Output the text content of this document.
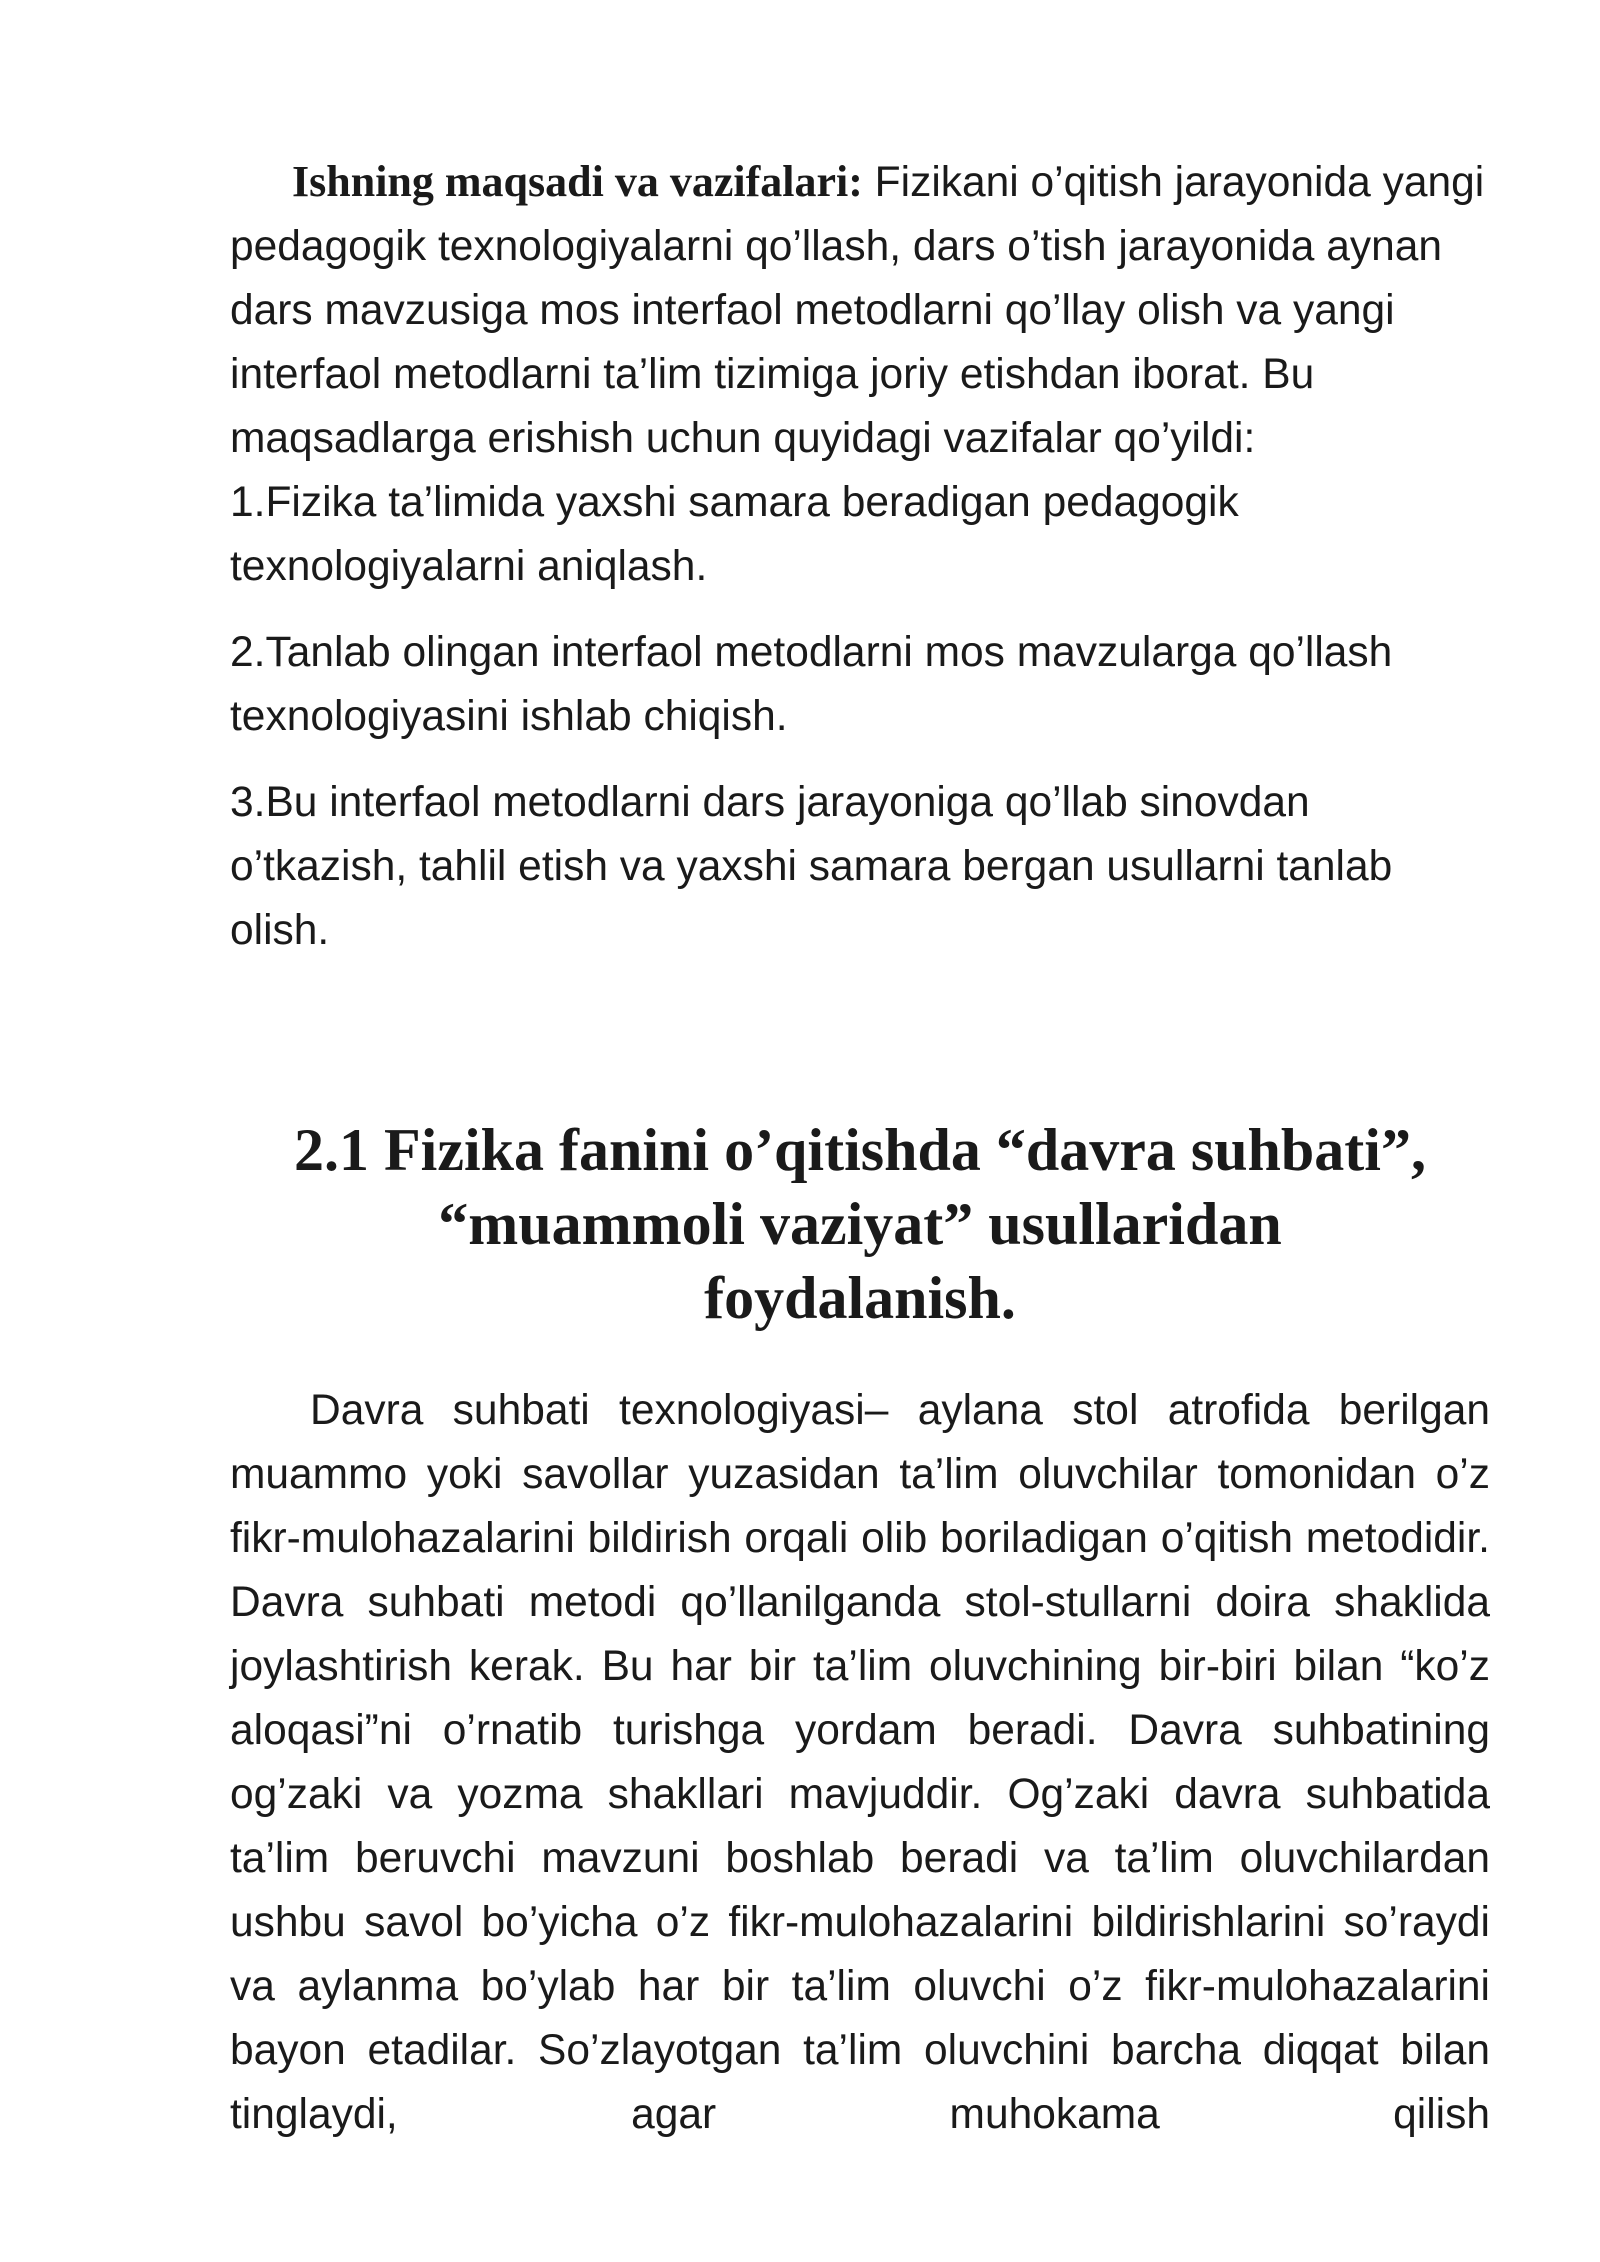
Ishning maqsadi va vazifalari: Fizikani o’qitish jarayonida yangi pedagogik texnologiyalarni qo’llash, dars o’tish jarayonida aynan dars mavzusiga mos interfaol metodlarni qo’llay olish va yangi interfaol metodlarni ta’lim tizimiga joriy etishdan iborat. Bu maqsadlarga erishish uchun quyidagi vazifalar qo’yildi:

1.Fizika ta’limida yaxshi samara beradigan pedagogik texnologiyalarni aniqlash.

2.Tanlab olingan interfaol metodlarni mos mavzularga qo’llash texnologiyasini ishlab chiqish.

3.Bu interfaol metodlarni dars jarayoniga qo’llab sinovdan o’tkazish, tahlil etish va yaxshi samara bergan usullarni tanlab olish.

2.1 Fizika fanini o’qitishda “davra suhbati”,
“muammoli vaziyat” usullaridan
foydalanish.

Davra suhbati texnologiyasi– aylana stol atrofida berilgan muammo yoki savollar yuzasidan ta’lim oluvchilar tomonidan o’z fikr-mulohazalarini bildirish orqali olib boriladigan o’qitish metodidir. Davra suhbati metodi qo’llanilganda stol-stullarni doira shaklida joylashtirish kerak. Bu har bir ta’lim oluvchining bir-biri bilan “ko’z aloqasi”ni o’rnatib turishga yordam beradi. Davra suhbatining og’zaki va yozma shakllari mavjuddir. Og’zaki davra suhbatida ta’lim beruvchi mavzuni boshlab beradi va ta’lim oluvchilardan ushbu savol bo’yicha o’z fikr-mulohazalarini bildirishlarini so’raydi va aylanma bo’ylab har bir ta’lim oluvchi o’z fikr-mulohazalarini bayon etadilar. So’zlayotgan ta’lim oluvchini barcha diqqat bilan tinglaydi, agar muhokama qilish
